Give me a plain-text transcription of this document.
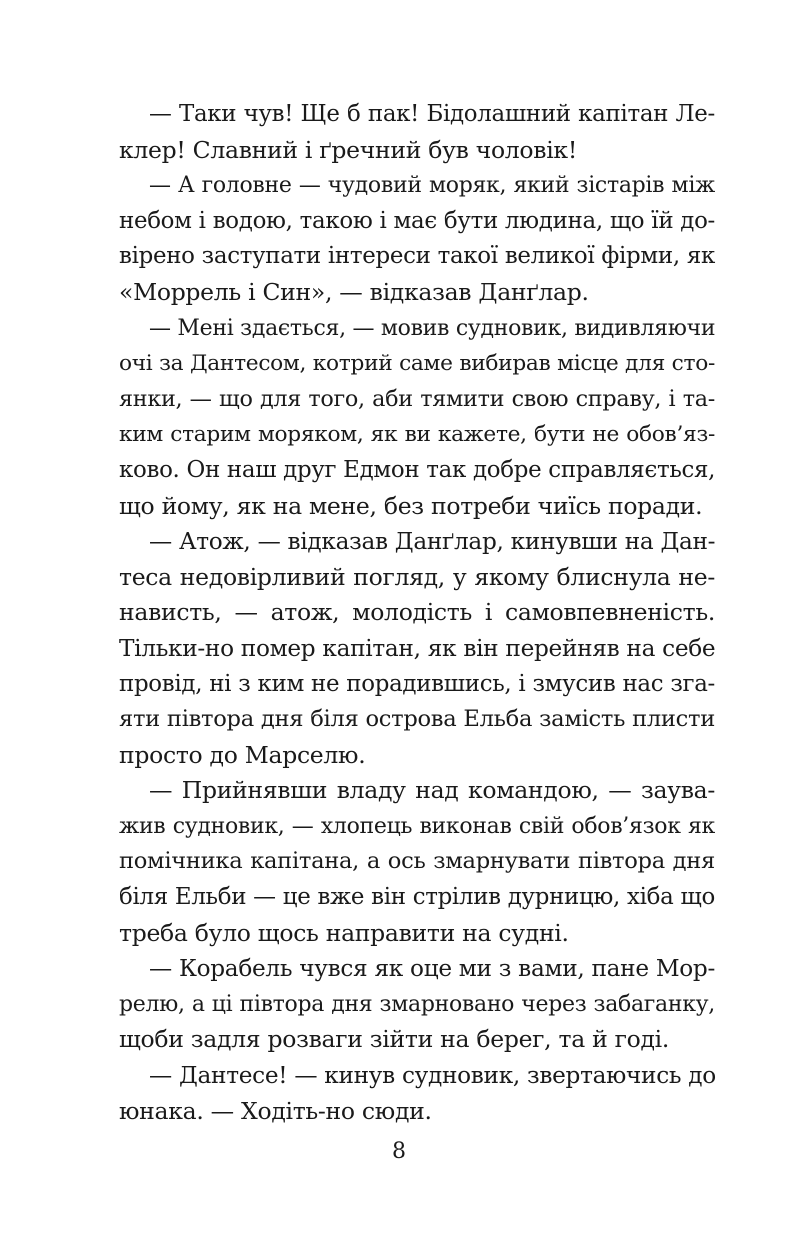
— Таки чув! Ще б пак! Бідолашний капітан Ле-
клер! Славний і ґречний був чоловік!
— А головне — чудовий моряк, який зістарів між
небом і водою, такою і має бути людина, що їй до-
вірено заступати інтереси такої великої фірми, як
«Моррель і Син», — відказав Данґлар.
— Мені здається, — мовив судновик, видивляючи
очі за Дантесом, котрий саме вибирав місце для сто-
янки, — що для того, аби тямити свою справу, і та-
ким старим моряком, як ви кажете, бути не обов’яз-
ково. Он наш друг Едмон так добре справляється,
що йому, як на мене, без потреби чиїсь поради.
— Атож, — відказав Данґлар, кинувши на Дан-
теса недовірливий погляд, у якому блиснула не-
нависть, — атож, молодість і самовпевненість.
Тільки-но помер капітан, як він перейняв на себе
провід, ні з ким не порадившись, і змусив нас зга-
яти півтора дня біля острова Ельба замість плисти
просто до Марселю.
— Прийнявши владу над командою, — заува-
жив судновик, — хлопець виконав свій обов’язок як
помічника капітана, а ось змарнувати півтора дня
біля Ельби — це вже він стрілив дурницю, хіба що
треба було щось направити на судні.
— Корабель чувся як оце ми з вами, пане Мор-
релю, а ці півтора дня змарновано через забаганку,
щоби задля розваги зійти на берег, та й годі.
— Дантесе! — кинув судновик, звертаючись до
юнака. — Ходіть-но сюди.
8
